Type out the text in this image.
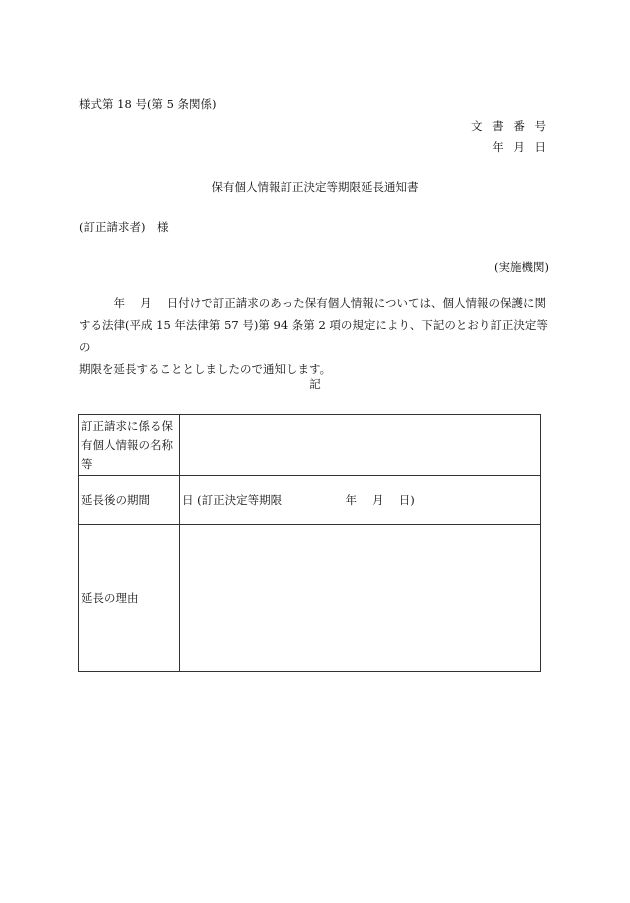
様式第 18 号(第 5 条関係)
文 書 番 号
年 月 日
保有個人情報訂正決定等期限延長通知書
(訂正請求者)　様
(実施機関)

　　　年　 月　 日付けで訂正請求のあった保有個人情報については、個人情報の保護に関

する法律(平成 15 年法律第 57 号)第 94 条第 2 項の規定により、下記のとおり訂正決定等の

期限を延長することとしましたので通知します。

記
訂正請求に係る保有個人情報の名称等	
延長後の期間	日 (訂正決定等期限 年　 月　 日)
延長の理由	
